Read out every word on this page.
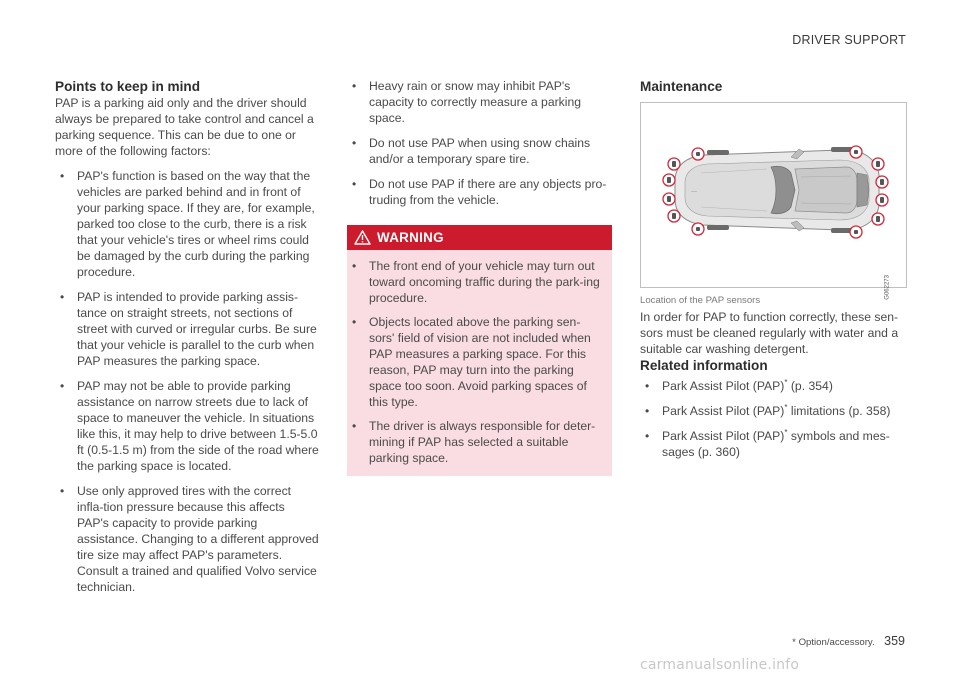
DRIVER SUPPORT
Points to keep in mind

PAP is a parking aid only and the driver should always be prepared to take control and cancel a parking sequence. This can be due to one or more of the following factors:

• PAP's function is based on the way that the vehicles are parked behind and in front of your parking space. If they are, for example, parked too close to the curb, there is a risk that your vehicle's tires or wheel rims could be damaged by the curb during the parking procedure.
• PAP is intended to provide parking assis-tance on straight streets, not sections of street with curved or irregular curbs. Be sure that your vehicle is parallel to the curb when PAP measures the parking space.
• PAP may not be able to provide parking assistance on narrow streets due to lack of space to maneuver the vehicle. In situations like this, it may help to drive between 1.5-5.0 ft (0.5-1.5 m) from the side of the road where the parking space is located.
• Use only approved tires with the correct infla-tion pressure because this affects PAP's capacity to provide parking assistance. Changing to a different approved tire size may affect PAP's parameters. Consult a trained and qualified Volvo service technician.
• Heavy rain or snow may inhibit PAP's capacity to correctly measure a parking space.
• Do not use PAP when using snow chains and/or a temporary spare tire.
• Do not use PAP if there are any objects pro-truding from the vehicle.
WARNING
• The front end of your vehicle may turn out toward oncoming traffic during the park-ing procedure.
• Objects located above the parking sen-sors' field of vision are not included when PAP measures a parking space. For this reason, PAP may turn into the parking space too soon. Avoid parking spaces of this type.
• The driver is always responsible for deter-mining if PAP has selected a suitable parking space.
Maintenance
—
G062273
Location of the PAP sensors

In order for PAP to function correctly, these sen-sors must be cleaned regularly with water and a suitable car washing detergent.

Related information
• Park Assist Pilot (PAP)* (p. 354)
• Park Assist Pilot (PAP)* limitations (p. 358)
• Park Assist Pilot (PAP)* symbols and mes-sages (p. 360)
* Option/accessory. 359
carmanualsonline.info
